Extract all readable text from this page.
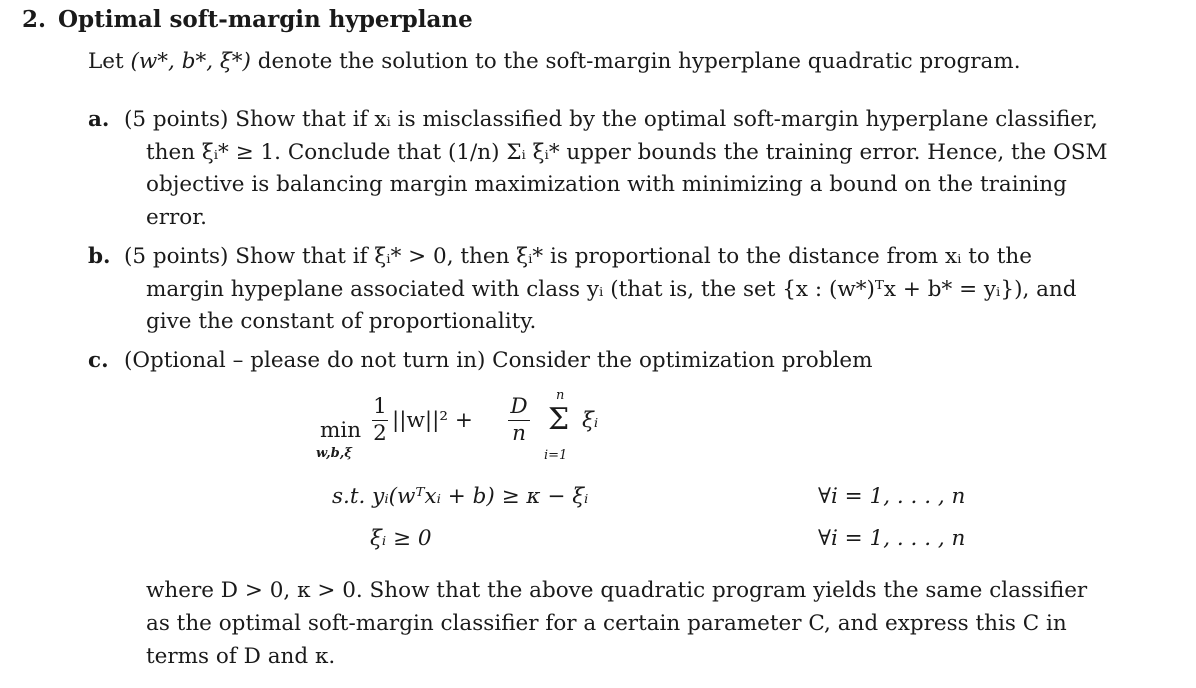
2. Optimal soft-margin hyperplane
Let (w*, b*, ξ*) denote the solution to the soft-margin hyperplane quadratic program.
a. (5 points) Show that if xᵢ is misclassified by the optimal soft-margin hyperplane classifier,
then ξᵢ* ≥ 1. Conclude that (1/n) Σᵢ ξᵢ* upper bounds the training error. Hence, the OSM
objective is balancing margin maximization with minimizing a bound on the training
error.
b. (5 points) Show that if ξᵢ* > 0, then ξᵢ* is proportional to the distance from xᵢ to the
margin hypeplane associated with class yᵢ (that is, the set {x : (w*)ᵀx + b* = yᵢ}), and
give the constant of proportionality.
c. (Optional – please do not turn in) Consider the optimization problem
min
w,b,ξ
$\frac{1}{2} ||w||^2 + \frac{D}{n}$ n
Σ
i=1
ξᵢ
s.t. yᵢ(wᵀxᵢ + b) ≥ κ − ξᵢ	∀i = 1, . . . , n
ξᵢ ≥ 0	∀i = 1, . . . , n
where D > 0, κ > 0. Show that the above quadratic program yields the same classifier
as the optimal soft-margin classifier for a certain parameter C, and express this C in
terms of D and κ.
